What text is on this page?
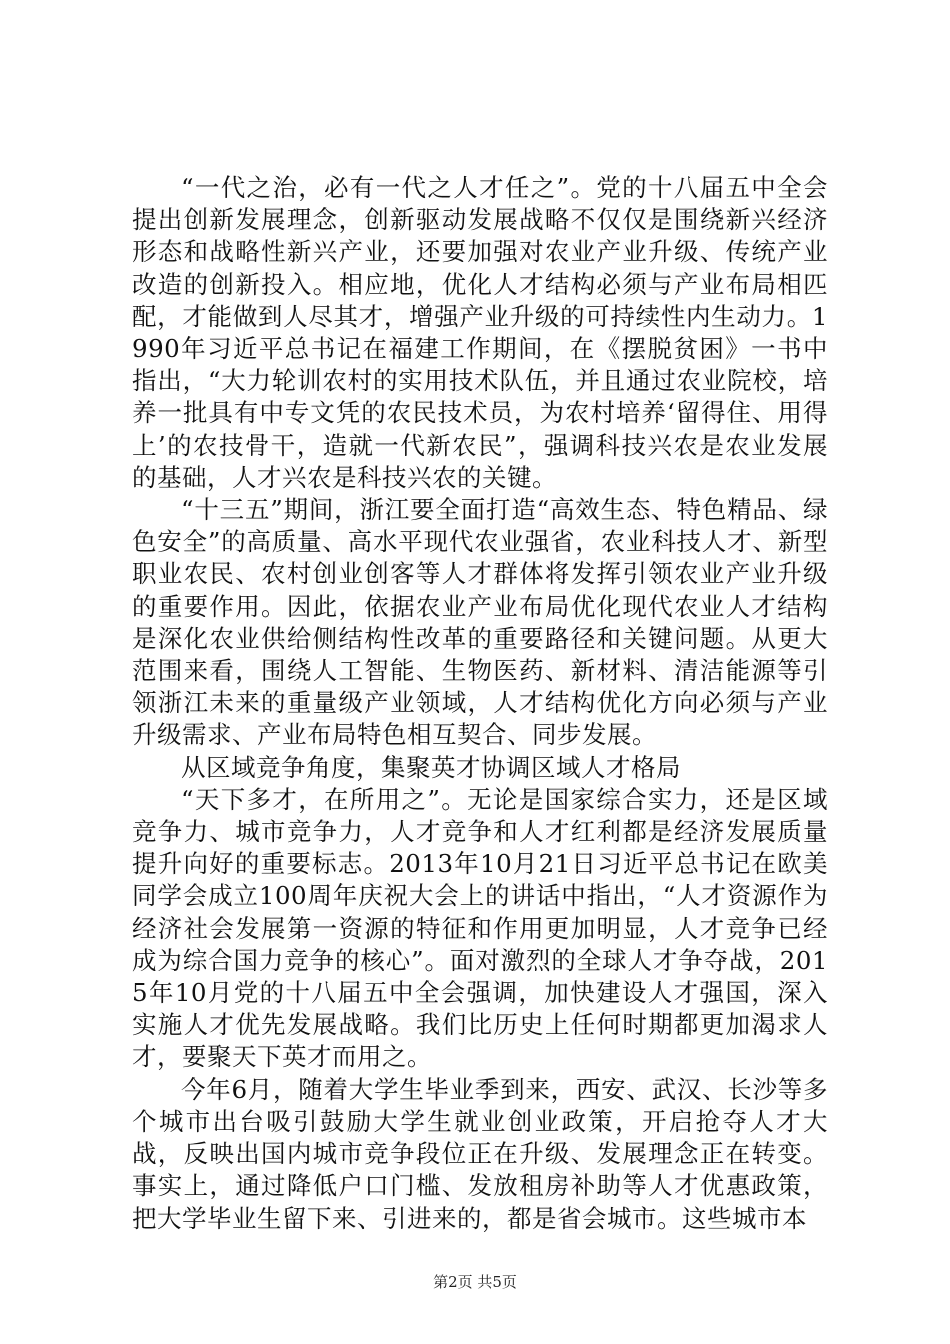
“一代之治，必有一代之人才任之”。党的十八届五中全会提出创新发展理念，创新驱动发展战略不仅仅是围绕新兴经济形态和战略性新兴产业，还要加强对农业产业升级、传统产业改造的创新投入。相应地，优化人才结构必须与产业布局相匹配，才能做到人尽其才，增强产业升级的可持续性内生动力。1990年习近平总书记在福建工作期间，在《摆脱贫困》一书中指出，“大力轮训农村的实用技术队伍，并且通过农业院校，培养一批具有中专文凭的农民技术员，为农村培养‘留得住、用得上’的农技骨干，造就一代新农民”，强调科技兴农是农业发展的基础，人才兴农是科技兴农的关键。

“十三五”期间，浙江要全面打造“高效生态、特色精品、绿色安全”的高质量、高水平现代农业强省，农业科技人才、新型职业农民、农村创业创客等人才群体将发挥引领农业产业升级的重要作用。因此，依据农业产业布局优化现代农业人才结构是深化农业供给侧结构性改革的重要路径和关键问题。从更大范围来看，围绕人工智能、生物医药、新材料、清洁能源等引领浙江未来的重量级产业领域，人才结构优化方向必须与产业升级需求、产业布局特色相互契合、同步发展。

从区域竞争角度，集聚英才协调区域人才格局

“天下多才，在所用之”。无论是国家综合实力，还是区域竞争力、城市竞争力，人才竞争和人才红利都是经济发展质量提升向好的重要标志。2013年10月21日习近平总书记在欧美同学会成立100周年庆祝大会上的讲话中指出，“人才资源作为经济社会发展第一资源的特征和作用更加明显，人才竞争已经成为综合国力竞争的核心”。面对激烈的全球人才争夺战，2015年10月党的十八届五中全会强调，加快建设人才强国，深入实施人才优先发展战略。我们比历史上任何时期都更加渴求人才，要聚天下英才而用之。

今年6月，随着大学生毕业季到来，西安、武汉、长沙等多个城市出台吸引鼓励大学生就业创业政策，开启抢夺人才大战，反映出国内城市竞争段位正在升级、发展理念正在转变。事实上，通过降低户口门槛、发放租房补助等人才优惠政策，把大学毕业生留下来、引进来的，都是省会城市。这些城市本

第2页 共5页
